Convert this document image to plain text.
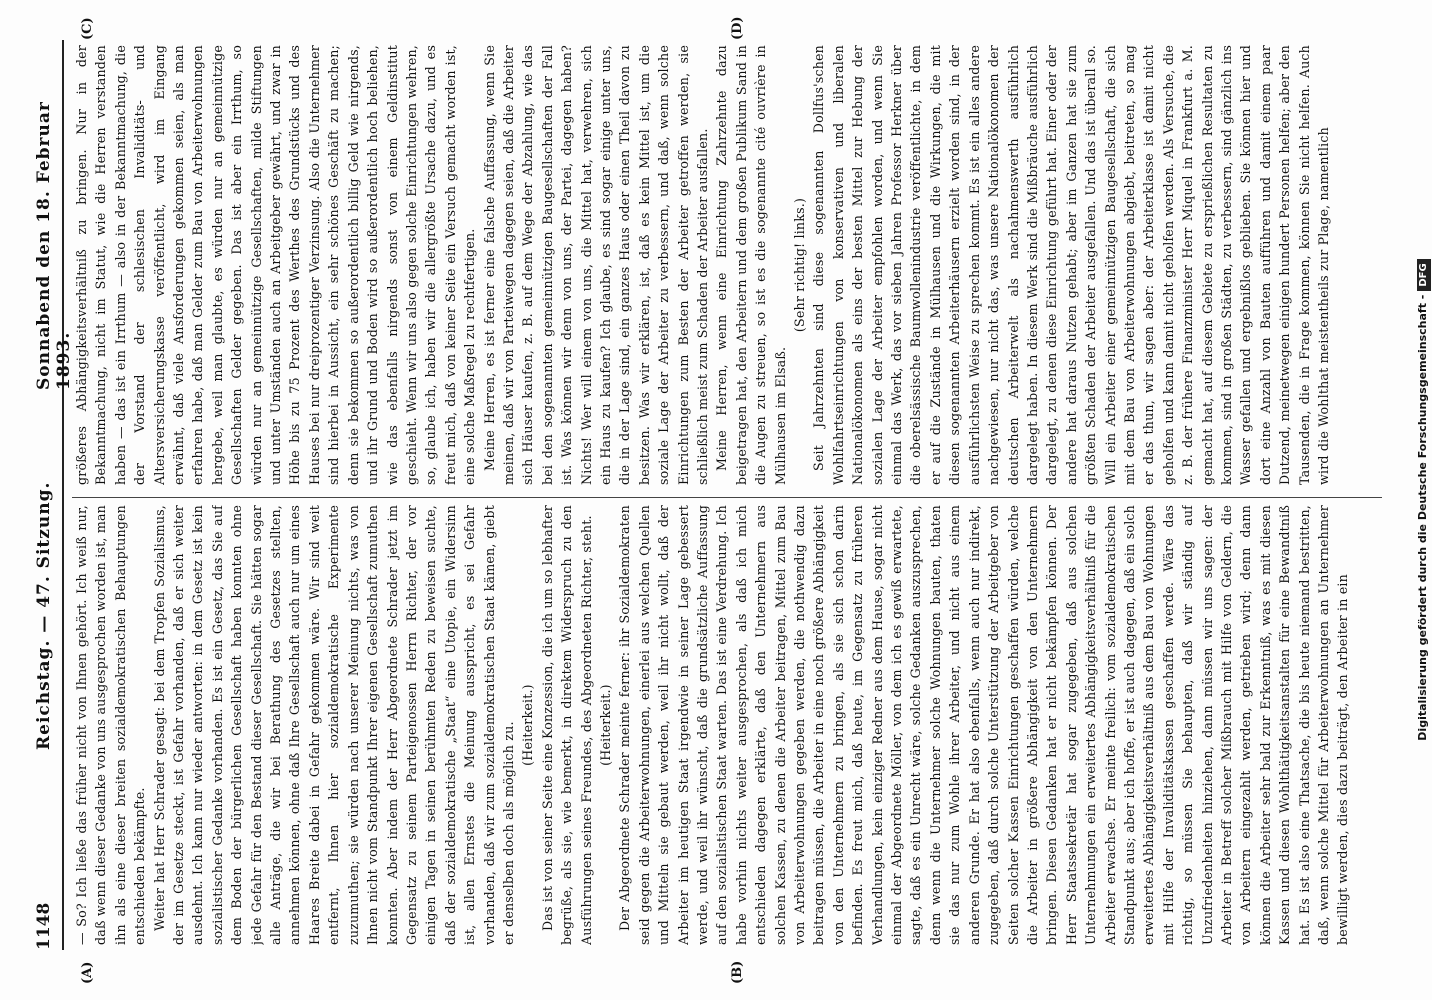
1148
Reichstag. — 47. Sitzung.
Sonnabend den 18. Februar 1893.
(A)	(B)
(C)	(D)

— So? Ich ließe das früher nicht von Ihnen gehört. Ich weiß nur, daß wenn dieser Gedanke von uns ausgesprochen worden ist, man ihn als eine dieser breiten sozialdemokratischen Behauptungen entschieden bekämpfte. Weiter hat Herr Schrader gesagt: bei dem Tropfen Sozialismus, der im Gesetze steckt, ist Gefahr vorhanden, daß er sich weiter ausdehnt. Ich kann nur wieder antworten: in dem Gesetz ist kein sozialistischer Gedanke vorhanden. Es ist ein Gesetz, das Sie auf dem Boden der bürgerlichen Gesellschaft haben konnten ohne jede Gefahr für den Bestand dieser Gesellschaft. Sie hätten sogar alle Anträge, die wir bei Berathung des Gesetzes stellten, annehmen können, ohne daß Ihre Gesellschaft auch nur um eines Haares Breite dabei in Gefahr gekommen wäre. Wir sind weit entfernt, Ihnen hier sozialdemokratische Experimente zuzumuthen; sie würden nach unserer Meinung nichts, was von Ihnen nicht vom Standpunkt Ihrer eigenen Gesellschaft zumuthen konnten. Aber indem der Herr Abgeordnete Schrader jetzt im Gegensatz zu seinem Parteigenossen Herrn Richter, der vor einigen Tagen in seinen berühmten Reden zu beweisen suchte, daß der sozialdemokratische „Staat“ eine Utopie, ein Widersinn ist, allen Ernstes die Meinung ausspricht, es sei Gefahr vorhanden, daß wir zum sozialdemokratischen Staat kämen, giebt er denselben doch als möglich zu. (Heiterkeit.) Das ist von seiner Seite eine Konzession, die ich um so lebhafter begrüße, als sie, wie bemerkt, in direktem Widerspruch zu den Ausführungen seines Freundes, des Abgeordneten Richter, steht. (Heiterkeit.) Der Abgeordnete Schrader meinte ferner: ihr Sozialdemokraten seid gegen die Arbeiterwohnungen, einerlei aus welchen Quellen und Mitteln sie gebaut werden, weil ihr nicht wollt, daß der Arbeiter im heutigen Staat irgendwie in seiner Lage gebessert werde, und weil ihr wünscht, daß die grundsätzliche Auffassung auf den sozialistischen Staat warten. Das ist eine Verdrehung. Ich habe vorhin nichts weiter ausgesprochen, als daß ich mich entschieden dagegen erklärte, daß den Unternehmern aus solchen Kassen, zu denen die Arbeiter beitragen, Mittel zum Bau von Arbeiterwohnungen gegeben werden, die nothwendig dazu beitragen müssen, die Arbeiter in eine noch größere Abhängigkeit von den Unternehmern zu bringen, als sie sich schon darin befinden. Es freut mich, daß heute, im Gegensatz zu früheren Verhandlungen, kein einziger Redner aus dem Hause, sogar nicht einmal der Abgeordnete Möller, von dem ich es gewiß erwartete, sagte, daß es ein Unrecht wäre, solche Gedanken auszusprechen, denn wenn die Unternehmer solche Wohnungen bauten, thaten sie das nur zum Wohle ihrer Arbeiter, und nicht aus einem anderen Grunde. Er hat also ebenfalls, wenn auch nur indirekt, zugegeben, daß durch solche Unterstützung der Arbeitgeber von Seiten solcher Kassen Einrichtungen geschaffen würden, welche die Arbeiter in größere Abhängigkeit von den Unternehmern bringen. Diesen Gedanken hat er nicht bekämpfen können. Der Herr Staatssekretär hat sogar zugegeben, daß aus solchen Unternehmungen ein erweitertes Abhängigkeitsverhältniß für die Arbeiter erwachse. Er meinte freilich: vom sozialdemokratischen Standpunkt aus; aber ich hoffe, er ist auch dagegen, daß ein solch erweitertes Abhängigkeitsverhältniß aus dem Bau von Wohnungen mit Hilfe der Invaliditätskassen geschaffen werde. Wäre das richtig, so müssen Sie behaupten, daß wir ständig auf Unzufriedenheiten hinziehen, dann müssen wir uns sagen: der Arbeiter in Betreff solcher Mißbrauch mit Hilfe von Geldern, die von Arbeitern eingezahlt werden, getrieben wird; denn dann können die Arbeiter sehr bald zur Erkenntniß, was es mit diesen Kassen und diesen Wohlthätigkeitsanstalten für eine Bewandtniß hat. Es ist also eine Thatsache, die bis heute niemand bestritten, daß, wenn solche Mittel für Arbeiterwohnungen an Unternehmer bewilligt werden, dies dazu beiträgt, den Arbeiter in ein

größeres Abhängigkeitsverhältniß zu bringen. Nur in der Bekanntmachung, nicht im Statut, wie die Herren verstanden haben — das ist ein Irrthum — also in der Bekanntmachung, die der Vorstand der schlesischen Invaliditäts- und Altersversicherungskasse veröffentlicht, wird im Eingang erwähnt, daß viele Ansforderungen gekommen seien, als man erfahren habe, daß man Gelder zum Bau von Arbeiterwohnungen hergebe, weil man glaubte, es würden nur an gemeinnützige Gesellschaften Gelder gegeben. Das ist aber ein Irrthum, so würden nur an gemeinnützige Gesellschaften, milde Stiftungen und unter Umständen auch an Arbeitgeber gewährt, und zwar in Höhe bis zu 75 Prozent des Werthes des Grundstücks und des Hauses bei nur dreiprozentiger Verzinsung. Also die Unternehmer sind hierbei in Aussicht, ein sehr schönes Geschäft zu machen; denn sie bekommen so außerordentlich billig Geld wie nirgends, und ihr Grund und Boden wird so außerordentlich hoch beliehen, wie das ebenfalls nirgends sonst von einem Geldinstitut geschieht. Wenn wir uns also gegen solche Einrichtungen wehren, so, glaube ich, haben wir die allergrößte Ursache dazu, und es freut mich, daß von keiner Seite ein Versuch gemacht worden ist, eine solche Maßregel zu rechtfertigen. Meine Herren, es ist ferner eine falsche Auffassung, wenn Sie meinen, daß wir von Parteiwegen dagegen seien, daß die Arbeiter sich Häuser kaufen, z. B. auf dem Wege der Abzahlung, wie das bei den sogenannten gemeinnützigen Baugesellschaften der Fall ist. Was können wir denn von uns, der Partei, dagegen haben? Nichts! Wer will einem von uns, die Mittel hat, verwehren, sich ein Haus zu kaufen? Ich glaube, es sind sogar einige unter uns, die in der Lage sind, ein ganzes Haus oder einen Theil davon zu besitzen. Was wir erklären, ist, daß es kein Mittel ist, um die soziale Lage der Arbeiter zu verbessern, und daß, wenn solche Einrichtungen zum Besten der Arbeiter getroffen werden, sie schließlich meist zum Schaden der Arbeiter ausfallen. Meine Herren, wenn eine Einrichtung Zahrzehnte dazu beigetragen hat, den Arbeitern und dem großen Publikum Sand in die Augen zu streuen, so ist es die sogenannte cité ouvrière in Mülhausen im Elsaß.

(Sehr richtig! links.) Seit Jahrzehnten sind diese sogenannten Dollfus'schen Wohlfahrtseinrichtungen von konservativen und liberalen Nationalökonomen als eins der besten Mittel zur Hebung der sozialen Lage der Arbeiter empfohlen worden, und wenn Sie einmal das Werk, das vor sieben Jahren Professor Herkner über die oberelsässische Baumwollenindustrie veröffentlichte, in dem er auf die Zustände in Mülhausen und die Wirkungen, die mit diesen sogenannten Arbeiterhäusern erzielt worden sind, in der ausführlichsten Weise zu sprechen kommt. Es ist ein alles andere nachgewiesen, nur nicht das, was unsere Nationalökonomen der deutschen Arbeiterwelt als nachahmenswerth ausführlich dargelegt haben. In diesem Werk sind die Mißbräuche ausführlich dargelegt, zu denen diese Einrichtung geführt hat. Einer oder der andere hat daraus Nutzen gehabt; aber im Ganzen hat sie zum größten Schaden der Arbeiter ausgefallen. Und das ist überall so. Will ein Arbeiter einer gemeinnützigen Baugesellschaft, die sich mit dem Bau von Arbeiterwohnungen abgiebt, beitreten, so mag er das thun, wir sagen aber: der Arbeiterklasse ist damit nicht geholfen und kann damit nicht geholfen werden. Als Versuche, die z. B. der frühere Finanzminister Herr Miquel in Frankfurt a. M. gemacht hat, auf diesem Gebiete zu ersprießlichen Resultaten zu kommen, sind in großen Städten, zu verbessern, sind gänzlich ins Wasser gefallen und ergebnißlos geblieben. Sie können hier und dort eine Anzahl von Bauten aufführen und damit einem paar Dutzend, meinetwegen einigen hundert Personen helfen; aber den Tausenden, die in Frage kommen, können Sie nicht helfen. Auch wird die Wohlthat meistentheils zur Plage, namentlich	Digitalisierung gefördert durch die Deutsche Forschungsgemeinschaft -DFG
